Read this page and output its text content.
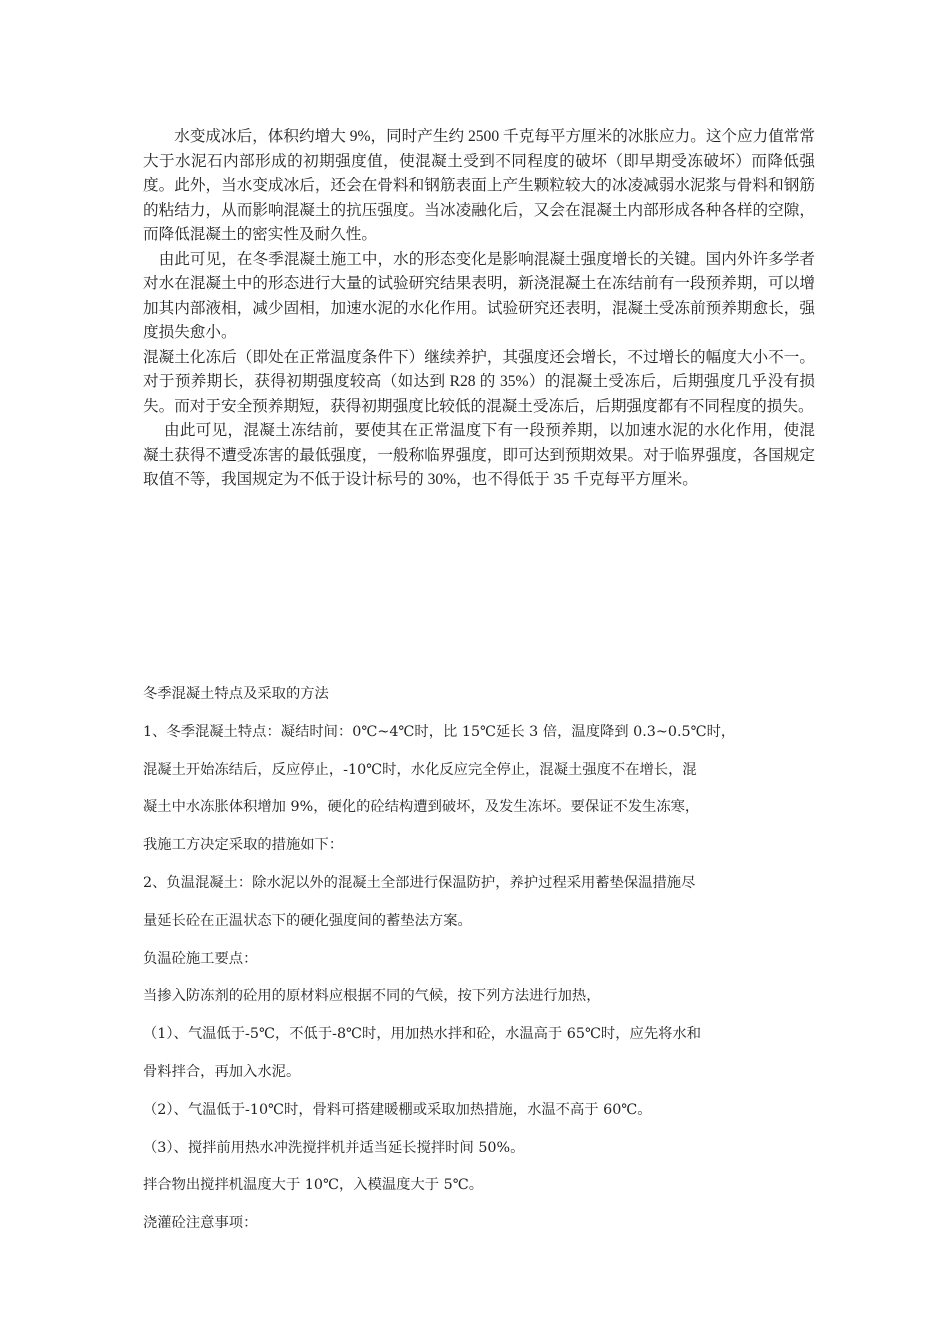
水变成冰后，体积约增大 9%，同时产生约 2500 千克每平方厘米的冰胀应力。这个应力值常常大于水泥石内部形成的初期强度值，使混凝土受到不同程度的破坏（即早期受冻破坏）而降低强度。此外，当水变成冰后，还会在骨料和钢筋表面上产生颗粒较大的冰凌减弱水泥浆与骨料和钢筋的粘结力，从而影响混凝土的抗压强度。当冰凌融化后，又会在混凝土内部形成各种各样的空隙，而降低混凝土的密实性及耐久性。

由此可见，在冬季混凝土施工中，水的形态变化是影响混凝土强度增长的关键。国内外许多学者对水在混凝土中的形态进行大量的试验研究结果表明，新浇混凝土在冻结前有一段预养期，可以增加其内部液相，减少固相，加速水泥的水化作用。试验研究还表明，混凝土受冻前预养期愈长，强度损失愈小。

混凝土化冻后（即处在正常温度条件下）继续养护，其强度还会增长，不过增长的幅度大小不一。对于预养期长，获得初期强度较高（如达到 R28 的 35%）的混凝土受冻后，后期强度几乎没有损失。而对于安全预养期短，获得初期强度比较低的混凝土受冻后，后期强度都有不同程度的损失。

由此可见，混凝土冻结前，要使其在正常温度下有一段预养期，以加速水泥的水化作用，使混凝土获得不遭受冻害的最低强度，一般称临界强度，即可达到预期效果。对于临界强度，各国规定取值不等，我国规定为不低于设计标号的 30%，也不得低于 35 千克每平方厘米。

冬季混凝土特点及采取的方法

1、冬季混凝土特点：凝结时间：0℃~4℃时，比 15℃延长 3 倍，温度降到 0.3~0.5℃时，

混凝土开始冻结后，反应停止，-10℃时，水化反应完全停止，混凝土强度不在增长，混

凝土中水冻胀体积增加 9%，硬化的砼结构遭到破坏，及发生冻坏。要保证不发生冻寒，

我施工方决定采取的措施如下：

2、负温混凝土：除水泥以外的混凝土全部进行保温防护，养护过程采用蓄垫保温措施尽

量延长砼在正温状态下的硬化强度间的蓄垫法方案。

负温砼施工要点：

当掺入防冻剂的砼用的原材料应根据不同的气候，按下列方法进行加热，

（1）、气温低于-5℃，不低于-8℃时，用加热水拌和砼，水温高于 65℃时，应先将水和

骨料拌合，再加入水泥。

（2）、气温低于-10℃时，骨料可搭建暖棚或采取加热措施，水温不高于 60℃。

（3）、搅拌前用热水冲洗搅拌机并适当延长搅拌时间 50%。

拌合物出搅拌机温度大于 10℃，入模温度大于 5℃。

浇灌砼注意事项：
